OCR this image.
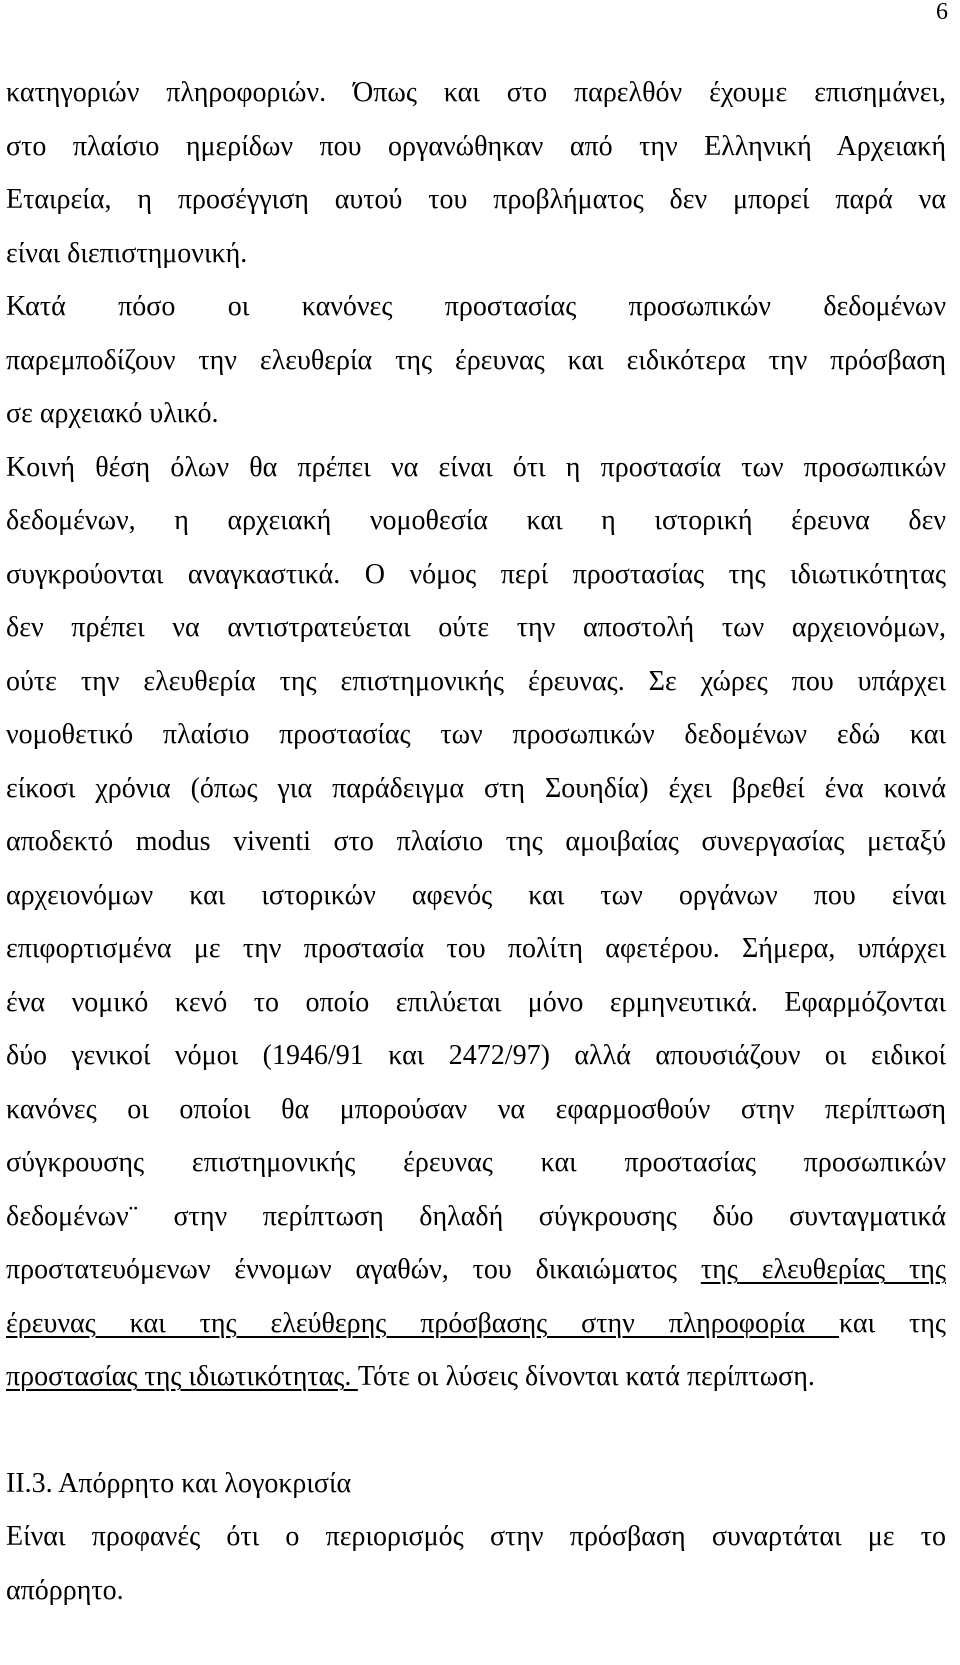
6
κατηγοριών πληροφοριών. Όπως και στο παρελθόν έχουμε επισημάνει,
στο πλαίσιο ημερίδων που οργανώθηκαν από την Ελληνική Αρχειακή
Εταιρεία, η προσέγγιση αυτού του προβλήματος δεν μπορεί παρά να
είναι διεπιστημονική.
Κατά πόσο οι κανόνες προστασίας προσωπικών δεδομένων
παρεμποδίζουν την ελευθερία της έρευνας και ειδικότερα την πρόσβαση
σε αρχειακό υλικό.
Κοινή θέση όλων θα πρέπει να είναι ότι η προστασία των προσωπικών
δεδομένων, η αρχειακή νομοθεσία και η ιστορική έρευνα δεν
συγκρούονται αναγκαστικά. Ο νόμος περί προστασίας της ιδιωτικότητας
δεν πρέπει να αντιστρατεύεται ούτε την αποστολή των αρχειονόμων,
ούτε την ελευθερία της επιστημονικής έρευνας. Σε χώρες που υπάρχει
νομοθετικό πλαίσιο προστασίας των προσωπικών δεδομένων εδώ και
είκοσι χρόνια (όπως για παράδειγμα στη Σουηδία) έχει βρεθεί ένα κοινά
αποδεκτό modus viventi στο πλαίσιο της αμοιβαίας συνεργασίας μεταξύ
αρχειονόμων και ιστορικών αφενός και των οργάνων που είναι
επιφορτισμένα με την προστασία του πολίτη αφετέρου. Σήμερα, υπάρχει
ένα νομικό κενό το οποίο επιλύεται μόνο ερμηνευτικά. Εφαρμόζονται
δύο γενικοί νόμοι (1946/91 και 2472/97) αλλά απουσιάζουν οι ειδικοί
κανόνες οι οποίοι θα μπορούσαν να εφαρμοσθούν στην περίπτωση
σύγκρουσης επιστημονικής έρευνας και προστασίας προσωπικών
δεδομένων¨ στην περίπτωση δηλαδή σύγκρουσης δύο συνταγματικά
προστατευόμενων έννομων αγαθών, του δικαιώματος της ελευθερίας της
έρευνας και της ελεύθερης πρόσβασης στην πληροφορία και της
προστασίας της ιδιωτικότητας. Τότε οι λύσεις δίνονται κατά περίπτωση.
ΙΙ.3. Απόρρητο και λογοκρισία
Είναι προφανές ότι ο περιορισμός στην πρόσβαση συναρτάται με το
απόρρητο.
